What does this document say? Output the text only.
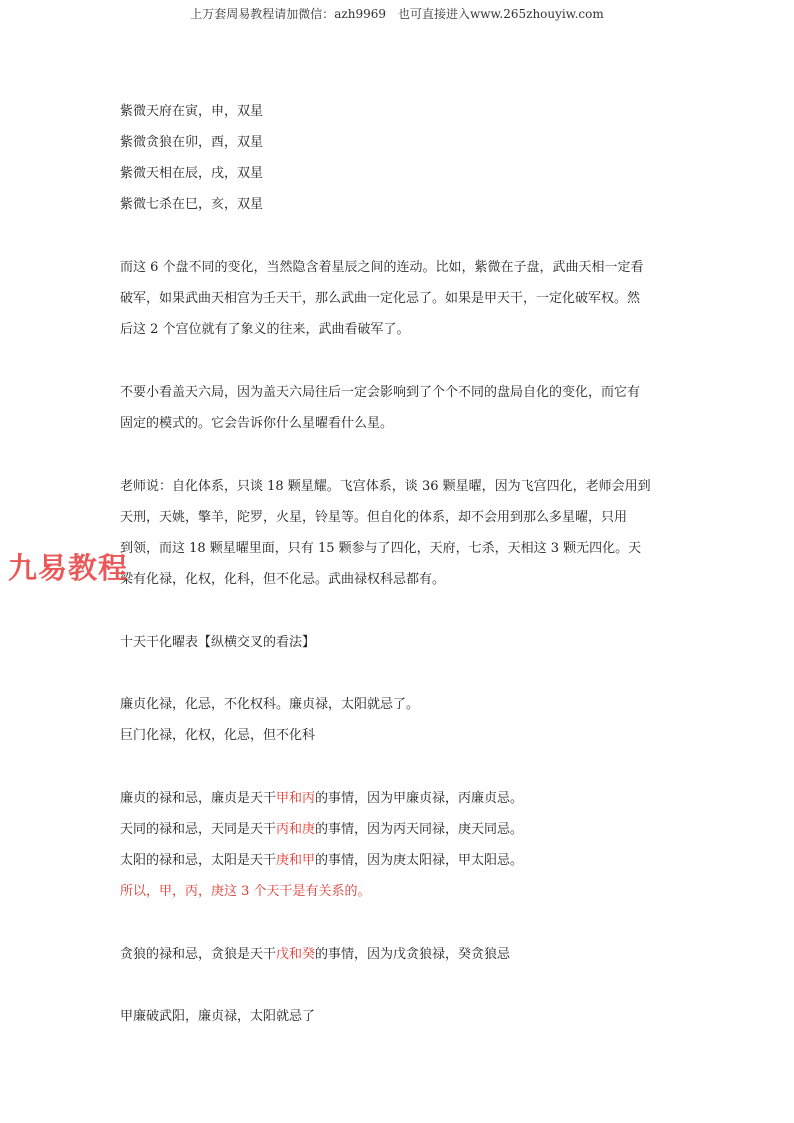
上万套周易教程请加微信：azh9969　也可直接进入www.265zhouyiw.com
紫微天府在寅，申，双星
紫微贪狼在卯，酉，双星
紫微天相在辰，戌，双星
紫微七杀在巳，亥，双星
而这 6 个盘不同的变化，当然隐含着星辰之间的连动。比如，紫微在子盘，武曲天相一定看
破军，如果武曲天相宫为壬天干，那么武曲一定化忌了。如果是甲天干，一定化破军权。然
后这 2 个宫位就有了象义的往来，武曲看破军了。
不要小看盖天六局，因为盖天六局往后一定会影响到了个个不同的盘局自化的变化，而它有
固定的模式的。它会告诉你什么星曜看什么星。
老师说：自化体系，只谈 18 颗星耀。飞宫体系，谈 36 颗星曜，因为飞宫四化，老师会用到
天刑，天姚，擎羊，陀罗，火星，铃星等。但自化的体系，却不会用到那么多星曜，只用
到领，而这 18 颗星曜里面，只有 15 颗参与了四化，天府，七杀，天相这 3 颗无四化。天
梁有化禄，化权，化科，但不化忌。武曲禄权科忌都有。
十天干化曜表【纵横交叉的看法】
廉贞化禄，化忌，不化权科。廉贞禄，太阳就忌了。
巨门化禄，化权，化忌，但不化科
廉贞的禄和忌，廉贞是天干甲和丙的事情，因为甲廉贞禄，丙廉贞忌。
天同的禄和忌，天同是天干丙和庚的事情，因为丙天同禄，庚天同忌。
太阳的禄和忌，太阳是天干庚和甲的事情，因为庚太阳禄，甲太阳忌。
所以，甲，丙，庚这 3 个天干是有关系的。
贪狼的禄和忌，贪狼是天干戊和癸的事情，因为戊贪狼禄，癸贪狼忌
甲廉破武阳，廉贞禄，太阳就忌了
九易教程
